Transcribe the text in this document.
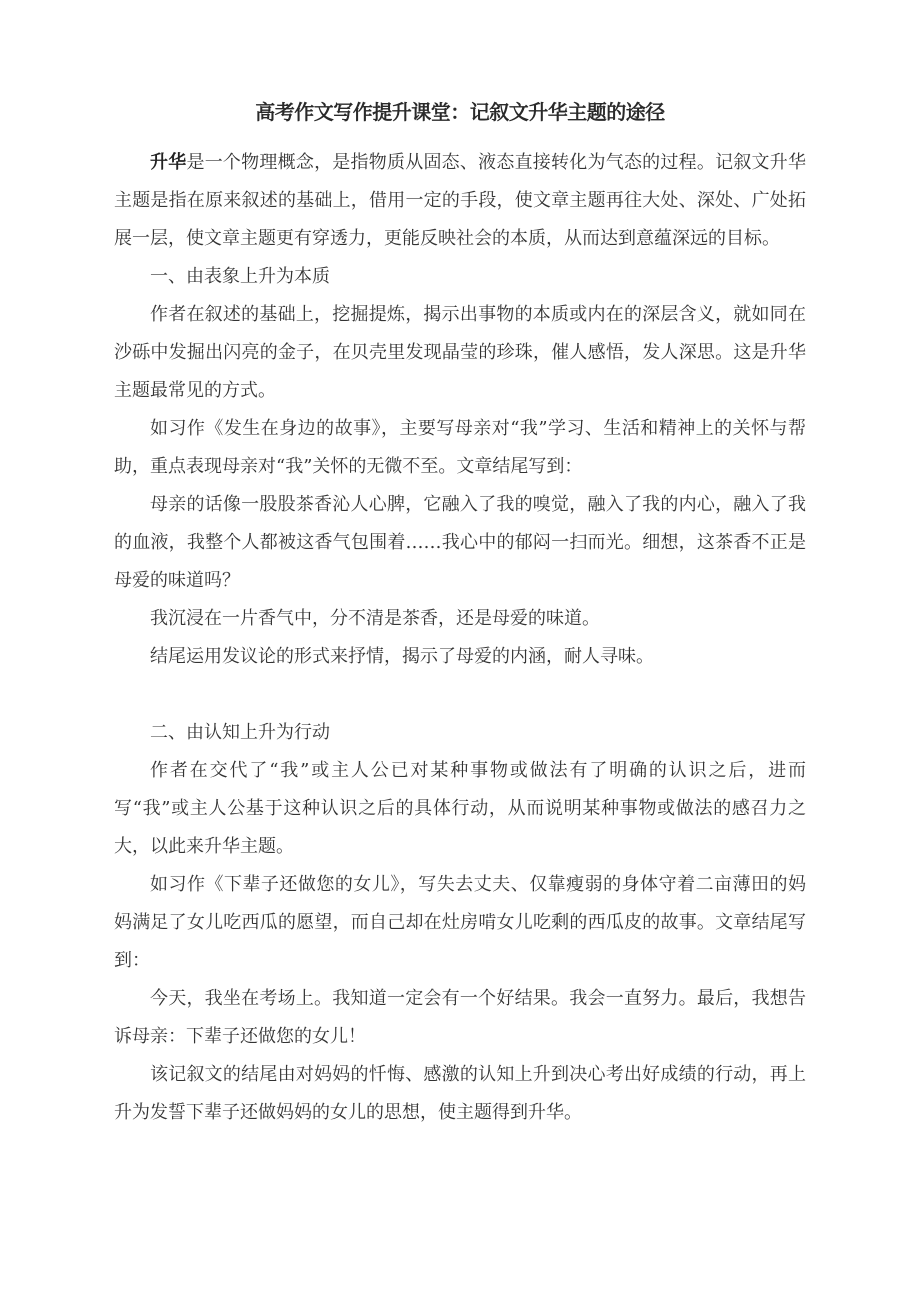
高考作文写作提升课堂：记叙文升华主题的途径

升华是一个物理概念，是指物质从固态、液态直接转化为气态的过程。记叙文升华主题是指在原来叙述的基础上，借用一定的手段，使文章主题再往大处、深处、广处拓展一层，使文章主题更有穿透力，更能反映社会的本质，从而达到意蕴深远的目标。

一、由表象上升为本质

作者在叙述的基础上，挖掘提炼，揭示出事物的本质或内在的深层含义，就如同在沙砾中发掘出闪亮的金子，在贝壳里发现晶莹的珍珠，催人感悟，发人深思。这是升华主题最常见的方式。

如习作《发生在身边的故事》，主要写母亲对“我”学习、生活和精神上的关怀与帮助，重点表现母亲对“我”关怀的无微不至。文章结尾写到：

母亲的话像一股股茶香沁人心脾，它融入了我的嗅觉，融入了我的内心，融入了我的血液，我整个人都被这香气包围着……我心中的郁闷一扫而光。细想，这茶香不正是母爱的味道吗？

我沉浸在一片香气中，分不清是茶香，还是母爱的味道。

结尾运用发议论的形式来抒情，揭示了母爱的内涵，耐人寻味。

二、由认知上升为行动

作者在交代了“我”或主人公已对某种事物或做法有了明确的认识之后，进而写“我”或主人公基于这种认识之后的具体行动，从而说明某种事物或做法的感召力之大，以此来升华主题。

如习作《下辈子还做您的女儿》，写失去丈夫、仅靠瘦弱的身体守着二亩薄田的妈妈满足了女儿吃西瓜的愿望，而自己却在灶房啃女儿吃剩的西瓜皮的故事。文章结尾写到：

今天，我坐在考场上。我知道一定会有一个好结果。我会一直努力。最后，我想告诉母亲：下辈子还做您的女儿！

该记叙文的结尾由对妈妈的忏悔、感激的认知上升到决心考出好成绩的行动，再上升为发誓下辈子还做妈妈的女儿的思想，使主题得到升华。
